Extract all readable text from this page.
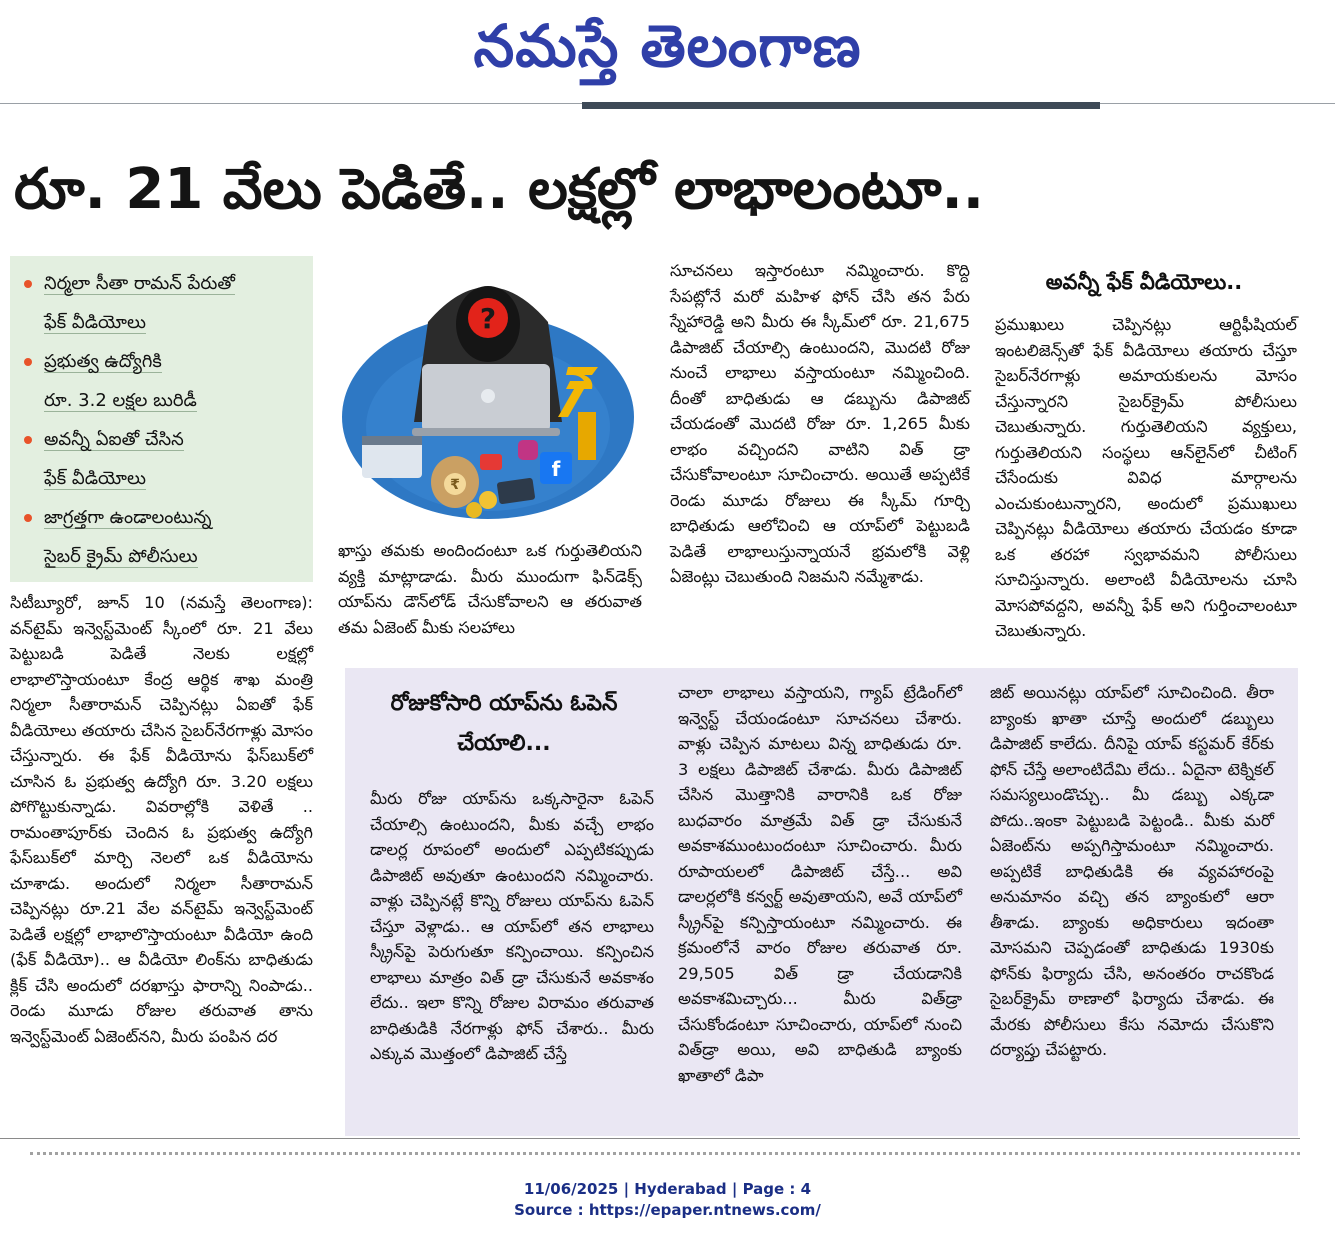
నమస్తే తెలంగాణ
రూ. 21 వేలు పెడితే.. లక్షల్లో లాభాలంటూ..
నిర్మలా సీతా రామన్ పేరుతో
ఫేక్ వీడియోలు
ప్రభుత్వ ఉద్యోగికి
రూ. 3.2 లక్షల బురిడీ
అవన్నీ ఏఐతో చేసిన
ఫేక్ వీడియోలు
జాగ్రత్తగా ఉండాలంటున్న
సైబర్ క్రైమ్ పోలీసులు
?
₹
f

ఖాస్తు తమకు అందిందంటూ ఒక గుర్తుతెలియని వ్యక్తి మాట్లాడాడు. మీరు ముందుగా ఫిన్‌డెక్స్ యాప్‌ను డౌన్‌లోడ్ చేసుకోవాలని ఆ తరువాత తమ ఏజెంట్ మీకు సలహాలు

సిటీబ్యూరో, జూన్ 10 (నమస్తే తెలంగాణ): వన్‌టైమ్ ఇన్వెస్ట్‌మెంట్ స్కీంలో రూ. 21 వేలు పెట్టుబడి పెడితే నెలకు లక్షల్లో లాభాలొస్తాయంటూ కేంద్ర ఆర్థిక శాఖ మంత్రి నిర్మలా సీతారామన్ చెప్పినట్లు ఏఐతో ఫేక్ వీడియోలు తయారు చేసిన సైబర్‌నేరగాళ్లు మోసం చేస్తున్నారు. ఈ ఫేక్ వీడియోను ఫేస్‌బుక్‌లో చూసిన ఓ ప్రభుత్వ ఉద్యోగి రూ. 3.20 లక్షలు పోగొట్టుకున్నాడు. వివరాల్లోకి వెళితే .. రామంతాపూర్‌కు చెందిన ఓ ప్రభుత్వ ఉద్యోగి ఫేస్‌బుక్‌లో మార్చి నెలలో ఒక వీడియోను చూశాడు. అందులో నిర్మలా సీతారామన్ చెప్పినట్లు రూ.21 వేల వన్‌టైమ్ ఇన్వెస్ట్‌మెంట్ పెడితే లక్షల్లో లాభాలొస్తాయంటూ వీడియో ఉంది (ఫేక్ వీడియో).. ఆ వీడియో లింక్‌ను బాధితుడు క్లిక్ చేసి అందులో దరఖాస్తు ఫారాన్ని నింపాడు.. రెండు మూడు రోజుల తరువాత తాను ఇన్వెస్ట్‌మెంట్ ఏజెంట్‌నని, మీరు పంపిన దర

సూచనలు ఇస్తారంటూ నమ్మించారు. కొద్ది సేపట్లోనే మరో మహిళ ఫోన్ చేసి తన పేరు స్నేహారెడ్డి అని మీరు ఈ స్కీమ్‌లో రూ. 21,675 డిపాజిట్ చేయాల్సి ఉంటుందని, మొదటి రోజు నుంచే లాభాలు వస్తాయంటూ నమ్మించింది. దీంతో బాధితుడు ఆ డబ్బును డిపాజిట్ చేయడంతో మొదటి రోజు రూ. 1,265 మీకు లాభం వచ్చిందని వాటిని విత్ డ్రా చేసుకోవాలంటూ సూచించారు. అయితే అప్పటికే రెండు మూడు రోజులు ఈ స్కీమ్ గూర్చి బాధితుడు ఆలోచించి ఆ యాప్‌లో పెట్టుబడి పెడితే లాభాలుస్తున్నాయనే భ్రమలోకి వెళ్లి ఏజెంట్లు చెబుతుంది నిజమని నమ్మేశాడు.

అవన్నీ ఫేక్ వీడియోలు..

ప్రముఖులు చెప్పినట్లు ఆర్టిఫీషియల్ ఇంటలిజెన్స్‌తో ఫేక్ వీడియోలు తయారు చేస్తూ సైబర్‌నేరగాళ్లు అమాయకులను మోసం చేస్తున్నారని సైబర్‌క్రైమ్ పోలీసులు చెబుతున్నారు. గుర్తుతెలియని వ్యక్తులు, గుర్తుతెలియని సంస్థలు ఆన్‌లైన్‌లో చీటింగ్ చేసేందుకు వివిధ మార్గాలను ఎంచుకుంటున్నారని, అందులో ప్రముఖులు చెప్పినట్లు వీడియోలు తయారు చేయడం కూడా ఒక తరహా స్వభావమని పోలీసులు సూచిస్తున్నారు. అలాంటి వీడియోలను చూసి మోసపోవద్దని, అవన్నీ ఫేక్ అని గుర్తించాలంటూ చెబుతున్నారు.

రోజుకోసారి యాప్‌ను ఓపెన్ చేయాలి...

మీరు రోజు యాప్‌ను ఒక్కసారైనా ఓపెన్ చేయాల్సి ఉంటుందని, మీకు వచ్చే లాభం డాలర్ల రూపంలో అందులో ఎప్పటికప్పుడు డిపాజిట్ అవుతూ ఉంటుందని నమ్మించారు. వాళ్లు చెప్పినట్లే కొన్ని రోజులు యాప్‌ను ఓపెన్ చేస్తూ వెళ్లాడు.. ఆ యాప్‌లో తన లాభాలు స్క్రీన్‌పై పెరుగుతూ కన్పించాయి. కన్పించిన లాభాలు మాత్రం విత్ డ్రా చేసుకునే అవకాశం లేదు.. ఇలా కొన్ని రోజుల విరామం తరువాత బాధితుడికి నేరగాళ్లు ఫోన్ చేశారు.. మీరు ఎక్కువ మొత్తంలో డిపాజిట్ చేస్తే

చాలా లాభాలు వస్తాయని, గ్యాప్ ట్రేడింగ్‌లో ఇన్వెస్ట్ చేయండంటూ సూచనలు చేశారు. వాళ్లు చెప్పిన మాటలు విన్న బాధితుడు రూ. 3 లక్షలు డిపాజిట్ చేశాడు. మీరు డిపాజిట్ చేసిన మొత్తానికి వారానికి ఒక రోజు బుధవారం మాత్రమే విత్ డ్రా చేసుకునే అవకాశముంటుందంటూ సూచించారు. మీరు రూపాయలలో డిపాజిట్ చేస్తే... అవి డాలర్లలోకి కన్వర్ట్ అవుతాయని, అవే యాప్‌లో స్క్రీన్‌పై కన్పిస్తాయంటూ నమ్మించారు. ఈ క్రమంలోనే వారం రోజుల తరువాత రూ. 29,505 విత్ డ్రా చేయడానికి అవకాశమిచ్చారు... మీరు విత్‌డ్రా చేసుకోండంటూ సూచించారు, యాప్‌లో నుంచి విత్‌డ్రా అయి, అవి బాధితుడి బ్యాంకు ఖాతాలో డిపా

జిట్ అయినట్లు యాప్‌లో సూచించింది. తీరా బ్యాంకు ఖాతా చూస్తే అందులో డబ్బులు డిపాజిట్ కాలేదు. దీనిపై యాప్ కస్టమర్ కేర్‌కు ఫోన్ చేస్తే అలాంటిదేమి లేదు.. ఏదైనా టెక్నికల్ సమస్యలుండొచ్చు.. మీ డబ్బు ఎక్కడా పోదు..ఇంకా పెట్టుబడి పెట్టండి.. మీకు మరో ఏజెంట్‌ను అప్పగిస్తామంటూ నమ్మించారు. అప్పటికే బాధితుడికి ఈ వ్యవహారంపై అనుమానం వచ్చి తన బ్యాంకులో ఆరా తీశాడు. బ్యాంకు అధికారులు ఇదంతా మోసమని చెప్పడంతో బాధితుడు 1930కు ఫోన్‌కు ఫిర్యాదు చేసి, అనంతరం రాచకొండ సైబర్‌క్రైమ్ ఠాణాలో ఫిర్యాదు చేశాడు. ఈ మేరకు పోలీసులు కేసు నమోదు చేసుకొని దర్యాప్తు చేపట్టారు.

11/06/2025 | Hyderabad | Page : 4
Source : https://epaper.ntnews.com/
